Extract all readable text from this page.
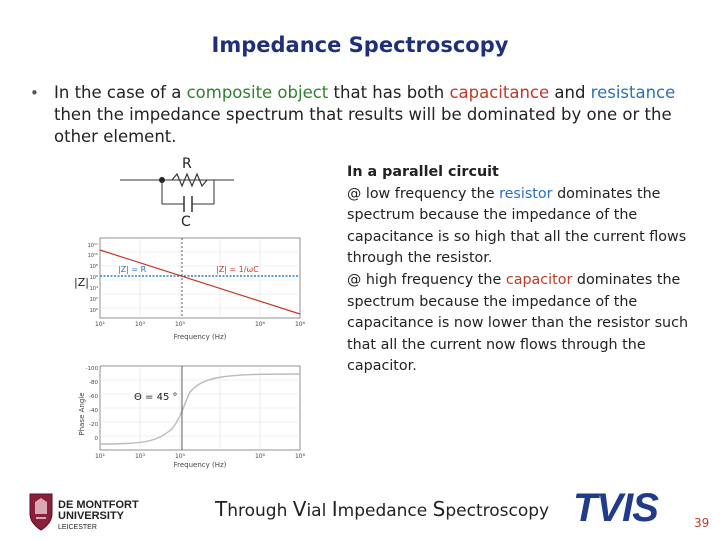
Impedance Spectroscopy
• In the case of a composite object that has both capacitance and resistance then the impedance spectrum that results will be dominated by one or the other element.
R
C
|Z| = R	|Z| = 1/ωC
|Z|
10¹¹
10¹⁰
10⁸
10⁶
10⁴
10²
10⁰
10¹	10³	10⁵	10⁶	10⁸
Frequency (Hz)
Θ = 45 °
Phase Angle
-100
-80
-60
-40
-20
0
10¹	10³	10⁵	10⁶	10⁸
Frequency (Hz)
In a parallel circuit
@ low frequency the resistor dominates the spectrum because the impedance of the capacitance is so high that all the current flows through the resistor.
@ high frequency the capacitor dominates the spectrum because the impedance of the capacitance is now lower than the resistor such that all the current now flows through the capacitor.
DE MONTFORT
UNIVERSITY
LEICESTER
Through Vial Impedance Spectroscopy TVIS	39
